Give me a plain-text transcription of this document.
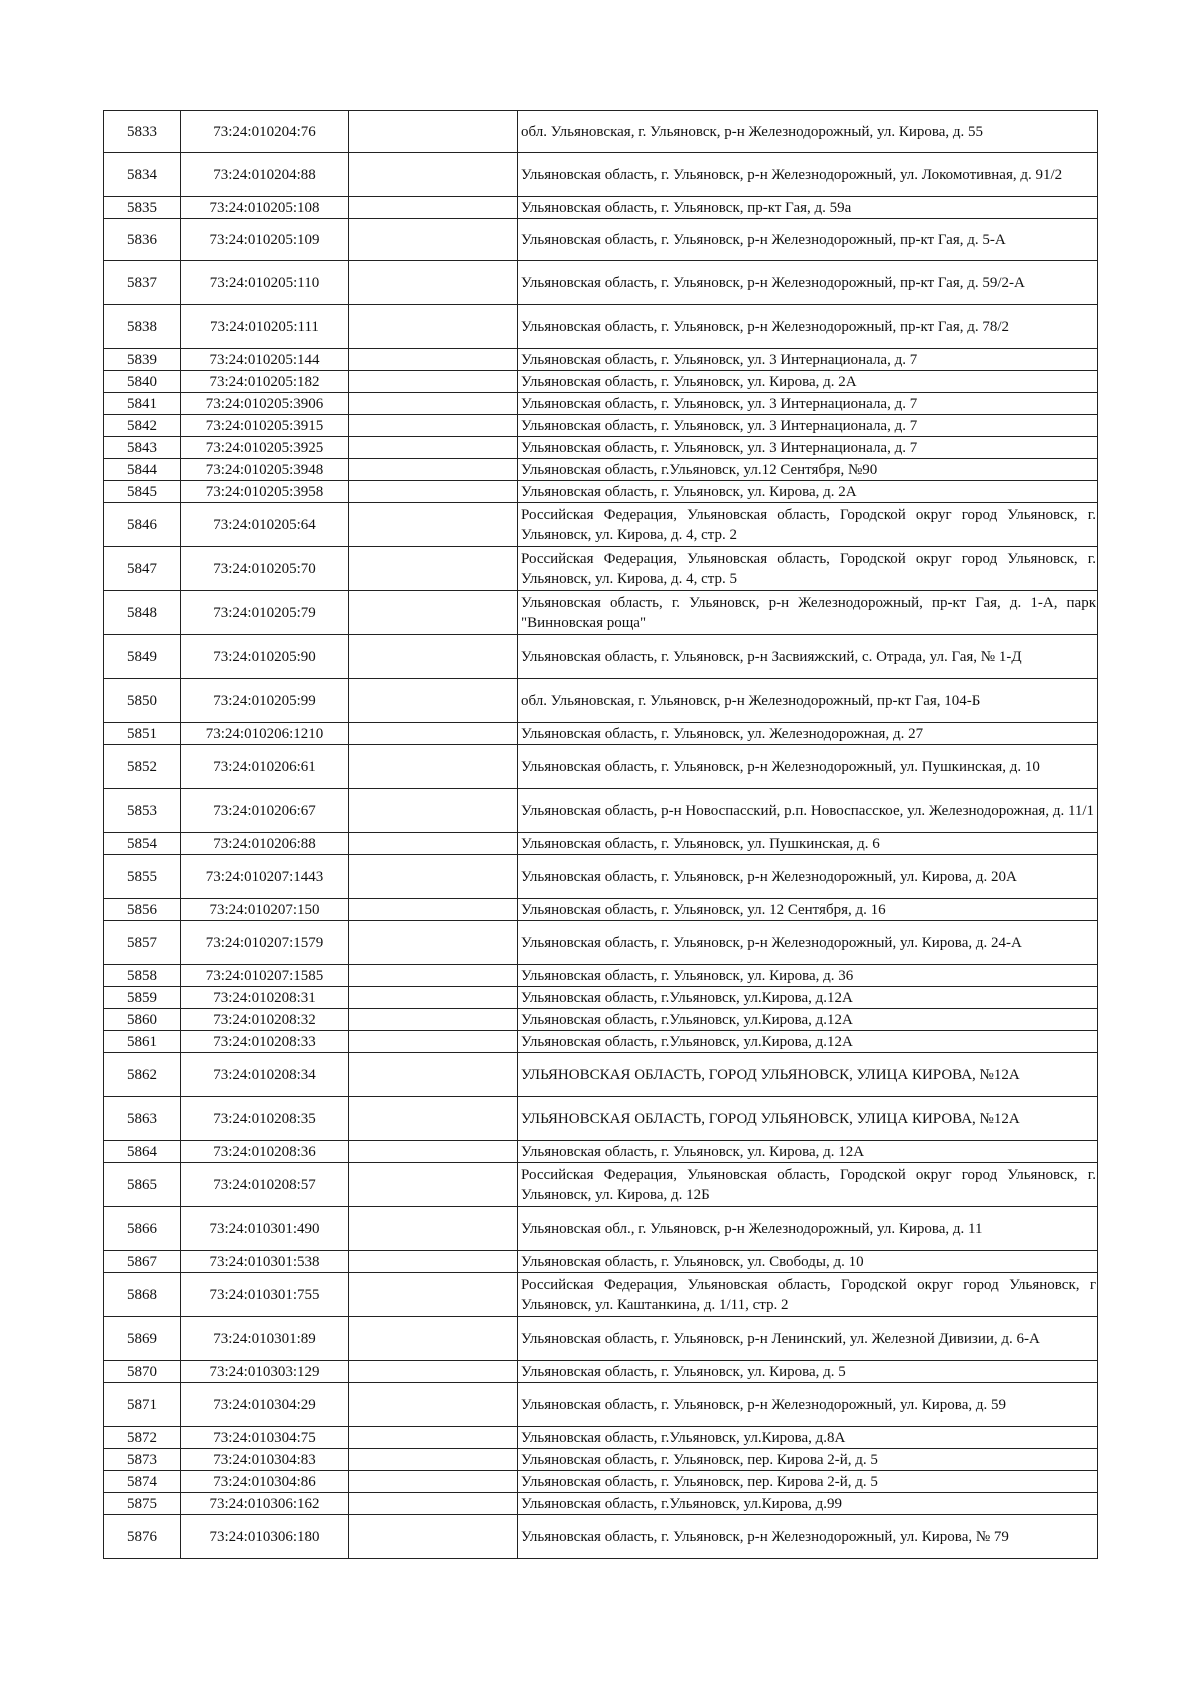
5833	73:24:010204:76		обл. Ульяновская, г. Ульяновск, р-н Железнодорожный, ул. Кирова, д. 55
5834	73:24:010204:88		Ульяновская область, г. Ульяновск, р-н Железнодорожный, ул. Локомотивная, д. 91/2
5835	73:24:010205:108		Ульяновская область, г. Ульяновск, пр-кт Гая, д. 59а
5836	73:24:010205:109		Ульяновская область, г. Ульяновск, р-н Железнодорожный, пр-кт Гая, д. 5-А
5837	73:24:010205:110		Ульяновская область, г. Ульяновск, р-н Железнодорожный, пр-кт Гая, д. 59/2-А
5838	73:24:010205:111		Ульяновская область, г. Ульяновск, р-н Железнодорожный, пр-кт Гая, д. 78/2
5839	73:24:010205:144		Ульяновская область, г. Ульяновск, ул. 3 Интернационала, д. 7
5840	73:24:010205:182		Ульяновская область, г. Ульяновск, ул. Кирова, д. 2А
5841	73:24:010205:3906		Ульяновская область, г. Ульяновск, ул. 3 Интернационала, д. 7
5842	73:24:010205:3915		Ульяновская область, г. Ульяновск, ул. 3 Интернационала, д. 7
5843	73:24:010205:3925		Ульяновская область, г. Ульяновск, ул. 3 Интернационала, д. 7
5844	73:24:010205:3948		Ульяновская область, г.Ульяновск, ул.12 Сентября, №90
5845	73:24:010205:3958		Ульяновская область, г. Ульяновск, ул. Кирова, д. 2А
5846	73:24:010205:64		Российская Федерация, Ульяновская область, Городской округ город Ульяновск, г. Ульяновск, ул. Кирова, д. 4, стр. 2
5847	73:24:010205:70		Российская Федерация, Ульяновская область, Городской округ город Ульяновск, г. Ульяновск, ул. Кирова, д. 4, стр. 5
5848	73:24:010205:79		Ульяновская область, г. Ульяновск, р-н Железнодорожный, пр-кт Гая, д. 1-А, парк "Винновская роща"
5849	73:24:010205:90		Ульяновская область, г. Ульяновск, р-н Засвияжский, с. Отрада, ул. Гая, № 1-Д
5850	73:24:010205:99		обл. Ульяновская, г. Ульяновск, р-н Железнодорожный, пр-кт Гая, 104-Б
5851	73:24:010206:1210		Ульяновская область, г. Ульяновск, ул. Железнодорожная, д. 27
5852	73:24:010206:61		Ульяновская область, г. Ульяновск, р-н Железнодорожный, ул. Пушкинская, д. 10
5853	73:24:010206:67		Ульяновская область, р-н Новоспасский, р.п. Новоспасское, ул. Железнодорожная, д. 11/1
5854	73:24:010206:88		Ульяновская область, г. Ульяновск, ул. Пушкинская, д. 6
5855	73:24:010207:1443		Ульяновская область, г. Ульяновск, р-н Железнодорожный, ул. Кирова, д. 20А
5856	73:24:010207:150		Ульяновская область, г. Ульяновск, ул. 12 Сентября, д. 16
5857	73:24:010207:1579		Ульяновская область, г. Ульяновск, р-н Железнодорожный, ул. Кирова, д. 24-А
5858	73:24:010207:1585		Ульяновская область, г. Ульяновск, ул. Кирова, д. 36
5859	73:24:010208:31		Ульяновская область, г.Ульяновск, ул.Кирова, д.12А
5860	73:24:010208:32		Ульяновская область, г.Ульяновск, ул.Кирова, д.12А
5861	73:24:010208:33		Ульяновская область, г.Ульяновск, ул.Кирова, д.12А
5862	73:24:010208:34		УЛЬЯНОВСКАЯ ОБЛАСТЬ, ГОРОД УЛЬЯНОВСК, УЛИЦА КИРОВА, №12А
5863	73:24:010208:35		УЛЬЯНОВСКАЯ ОБЛАСТЬ, ГОРОД УЛЬЯНОВСК, УЛИЦА КИРОВА, №12А
5864	73:24:010208:36		Ульяновская область, г. Ульяновск, ул. Кирова, д. 12А
5865	73:24:010208:57		Российская Федерация, Ульяновская область, Городской округ город Ульяновск, г. Ульяновск, ул. Кирова, д. 12Б
5866	73:24:010301:490		Ульяновская обл., г. Ульяновск, р-н Железнодорожный, ул. Кирова, д. 11
5867	73:24:010301:538		Ульяновская область, г. Ульяновск, ул. Свободы, д. 10
5868	73:24:010301:755		Российская Федерация, Ульяновская область, Городской округ город Ульяновск, г Ульяновск, ул. Каштанкина, д. 1/11, стр. 2
5869	73:24:010301:89		Ульяновская область, г. Ульяновск, р-н Ленинский, ул. Железной Дивизии, д. 6-А
5870	73:24:010303:129		Ульяновская область, г. Ульяновск, ул. Кирова, д. 5
5871	73:24:010304:29		Ульяновская область, г. Ульяновск, р-н Железнодорожный, ул. Кирова, д. 59
5872	73:24:010304:75		Ульяновская область, г.Ульяновск, ул.Кирова, д.8А
5873	73:24:010304:83		Ульяновская область, г. Ульяновск, пер. Кирова 2-й, д. 5
5874	73:24:010304:86		Ульяновская область, г. Ульяновск, пер. Кирова 2-й, д. 5
5875	73:24:010306:162		Ульяновская область, г.Ульяновск, ул.Кирова, д.99
5876	73:24:010306:180		Ульяновская область, г. Ульяновск, р-н Железнодорожный, ул. Кирова, № 79
